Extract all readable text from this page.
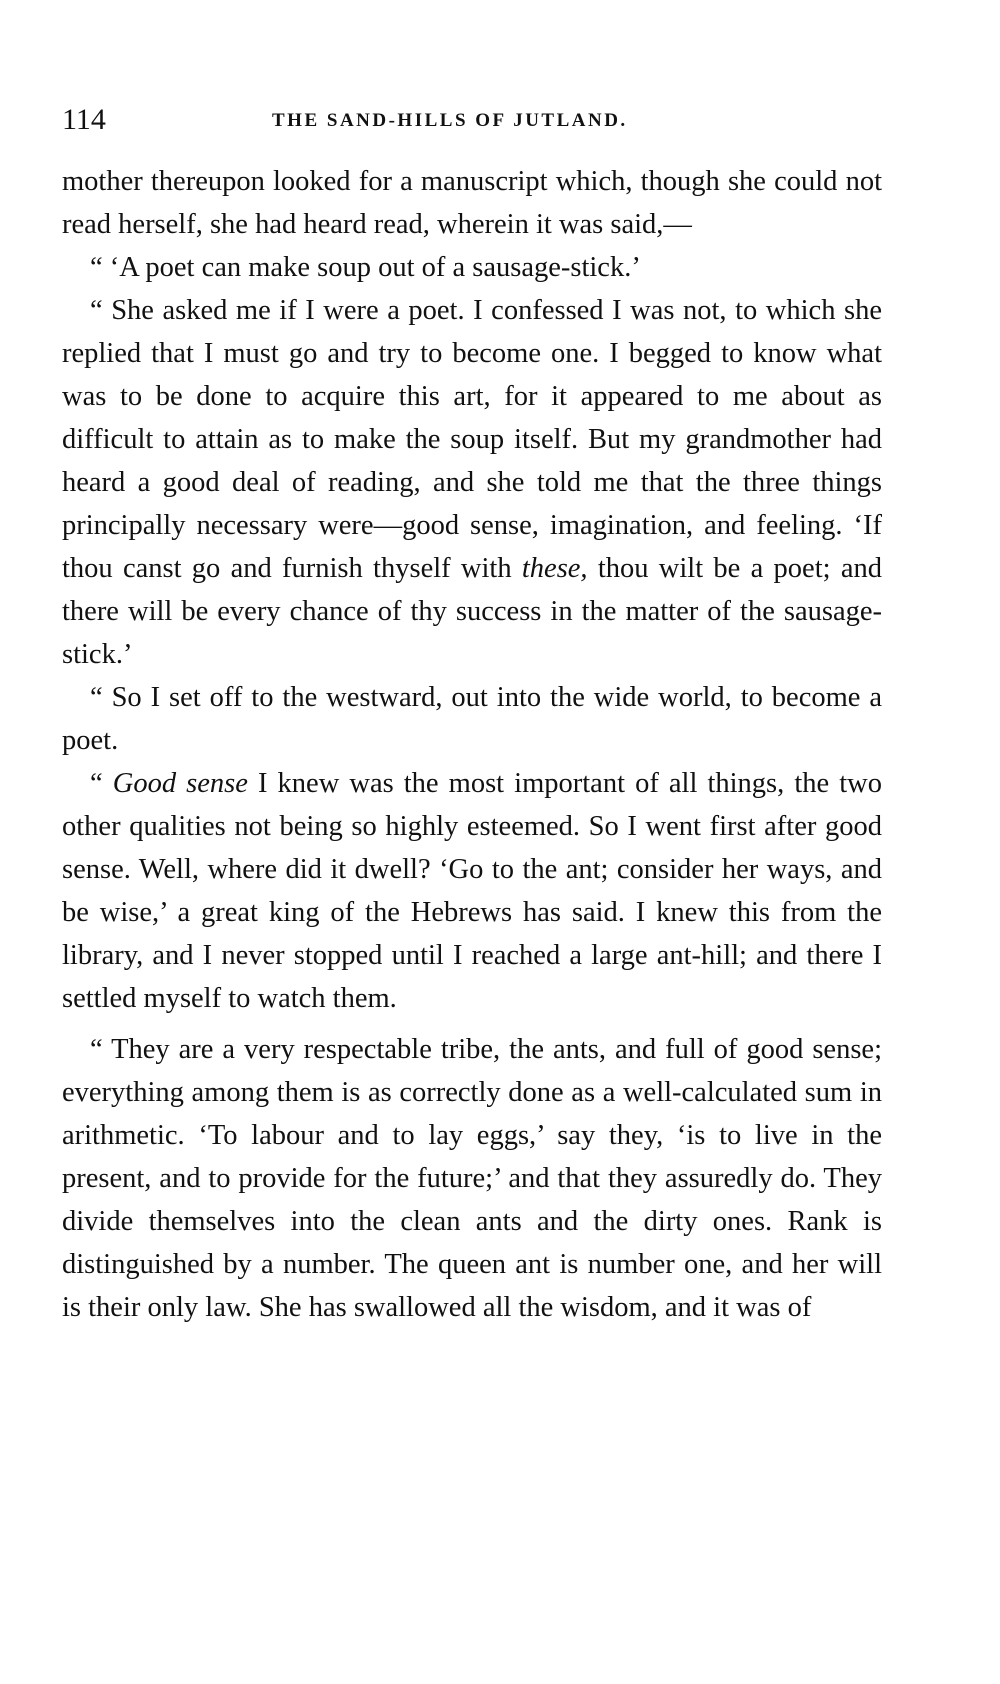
114	THE SAND-HILLS OF JUTLAND.

mother thereupon looked for a manuscript which, though she could not read herself, she had heard read, wherein it was said,—

“ ‘A poet can make soup out of a sausage-stick.’

“ She asked me if I were a poet. I confessed I was not, to which she replied that I must go and try to become one. I begged to know what was to be done to acquire this art, for it appeared to me about as difficult to attain as to make the soup itself. But my grandmother had heard a good deal of reading, and she told me that the three things principally necessary were—good sense, imagination, and feeling. ‘If thou canst go and furnish thyself with these, thou wilt be a poet; and there will be every chance of thy success in the matter of the sausage-stick.’

“ So I set off to the westward, out into the wide world, to become a poet.

“ Good sense I knew was the most important of all things, the two other qualities not being so highly esteemed. So I went first after good sense. Well, where did it dwell? ‘Go to the ant; consider her ways, and be wise,’ a great king of the Hebrews has said. I knew this from the library, and I never stopped until I reached a large ant-hill; and there I settled myself to watch them.

“ They are a very respectable tribe, the ants, and full of good sense; everything among them is as correctly done as a well-calculated sum in arithmetic. ‘To labour and to lay eggs,’ say they, ‘is to live in the present, and to provide for the future;’ and that they assuredly do. They divide themselves into the clean ants and the dirty ones. Rank is distinguished by a number. The queen ant is number one, and her will is their only law. She has swallowed all the wisdom, and it was of
